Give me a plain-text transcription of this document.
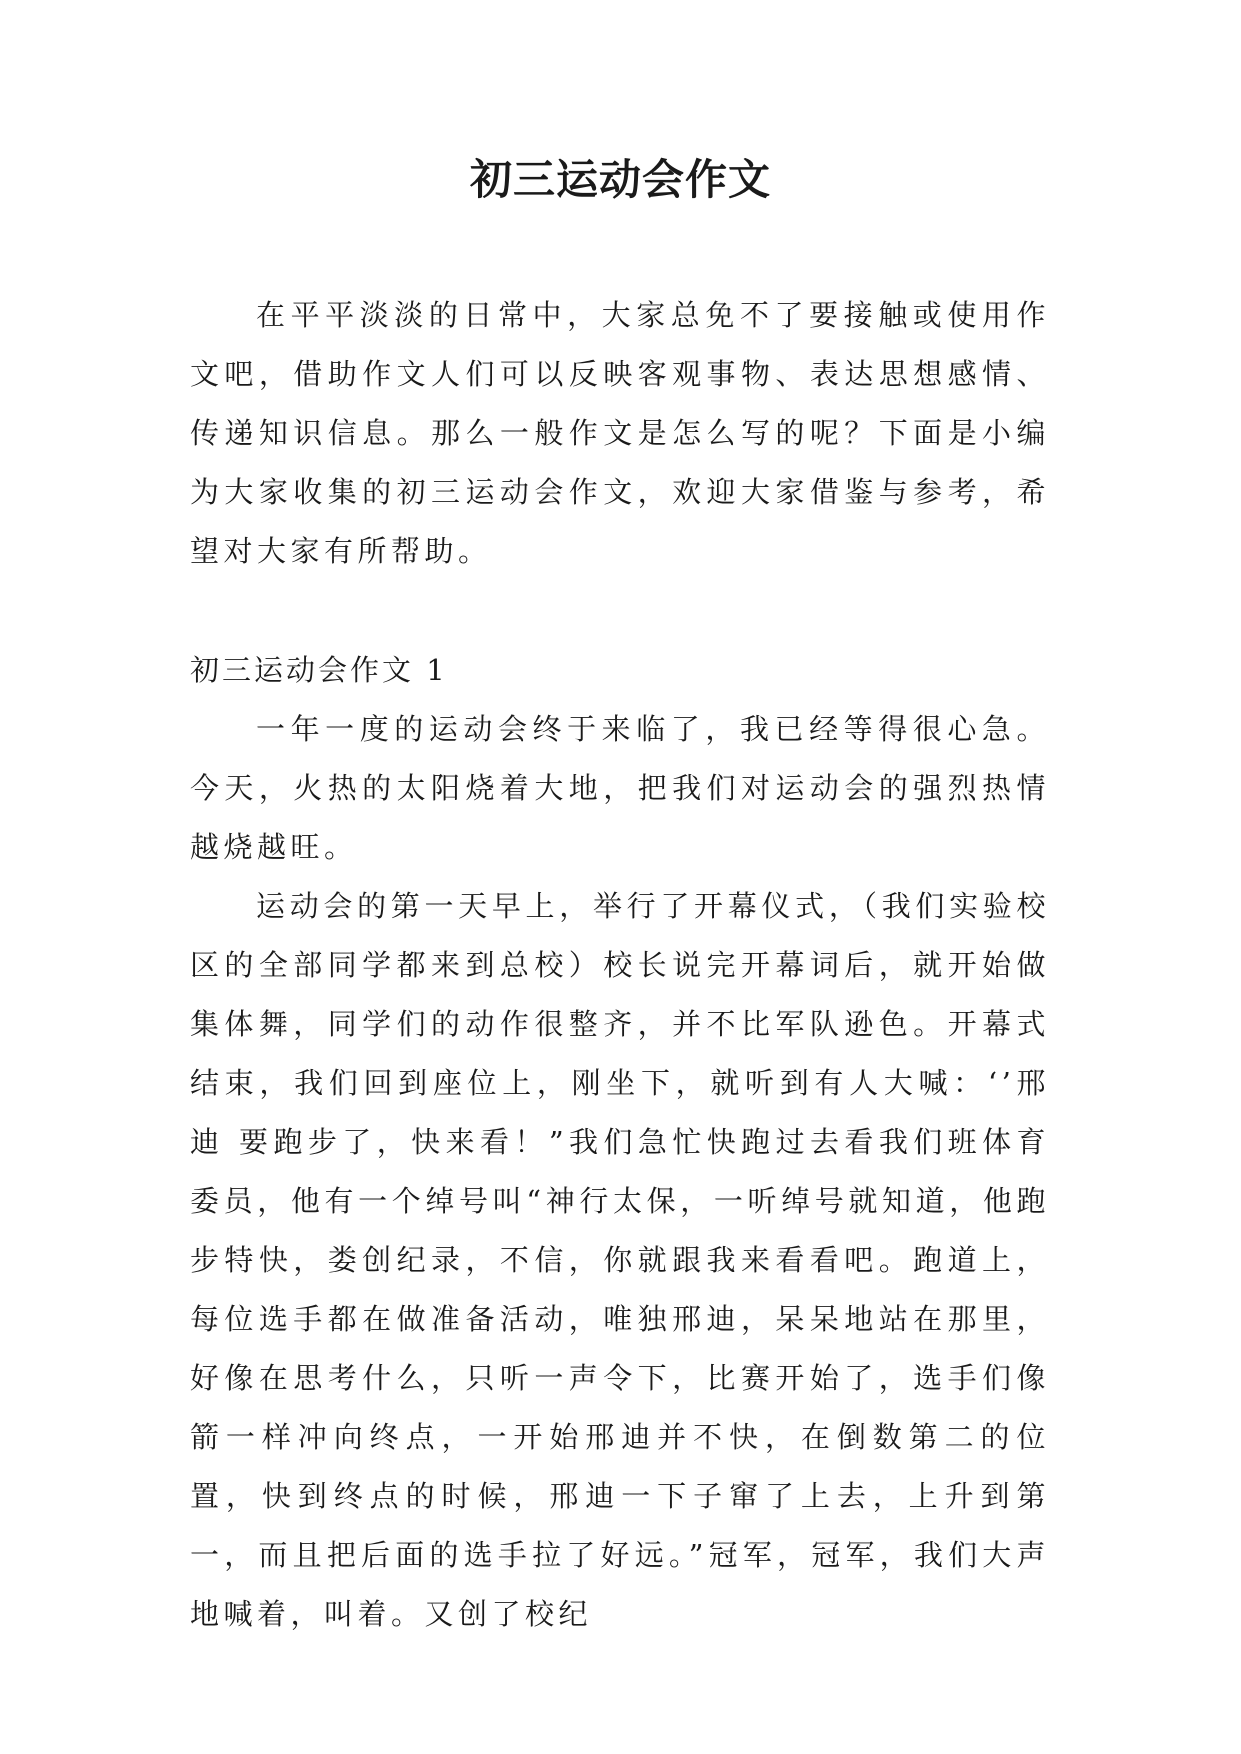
初三运动会作文

在平平淡淡的日常中，大家总免不了要接触或使用作文吧，借助作文人们可以反映客观事物、表达思想感情、传递知识信息。那么一般作文是怎么写的呢？下面是小编为大家收集的初三运动会作文，欢迎大家借鉴与参考，希望对大家有所帮助。

初三运动会作文 1

一年一度的运动会终于来临了，我已经等得很心急。今天，火热的太阳烧着大地，把我们对运动会的强烈热情越烧越旺。

运动会的第一天早上，举行了开幕仪式，（我们实验校区的全部同学都来到总校）校长说完开幕词后，就开始做集体舞，同学们的动作很整齐，并不比军队逊色。开幕式结束，我们回到座位上，刚坐下，就听到有人大喊：‘’邢迪 要跑步了，快来看！”我们急忙快跑过去看我们班体育委员，他有一个绰号叫“神行太保，一听绰号就知道，他跑步特快，娄创纪录，不信，你就跟我来看看吧。跑道上，每位选手都在做准备活动，唯独邢迪，呆呆地站在那里，好像在思考什么，只听一声令下，比赛开始了，选手们像箭一样冲向终点，一开始邢迪并不快，在倒数第二的位置，快到终点的时候，邢迪一下子窜了上去，上升到第一，而且把后面的选手拉了好远。”冠军，冠军，我们大声地喊着，叫着。又创了校纪
